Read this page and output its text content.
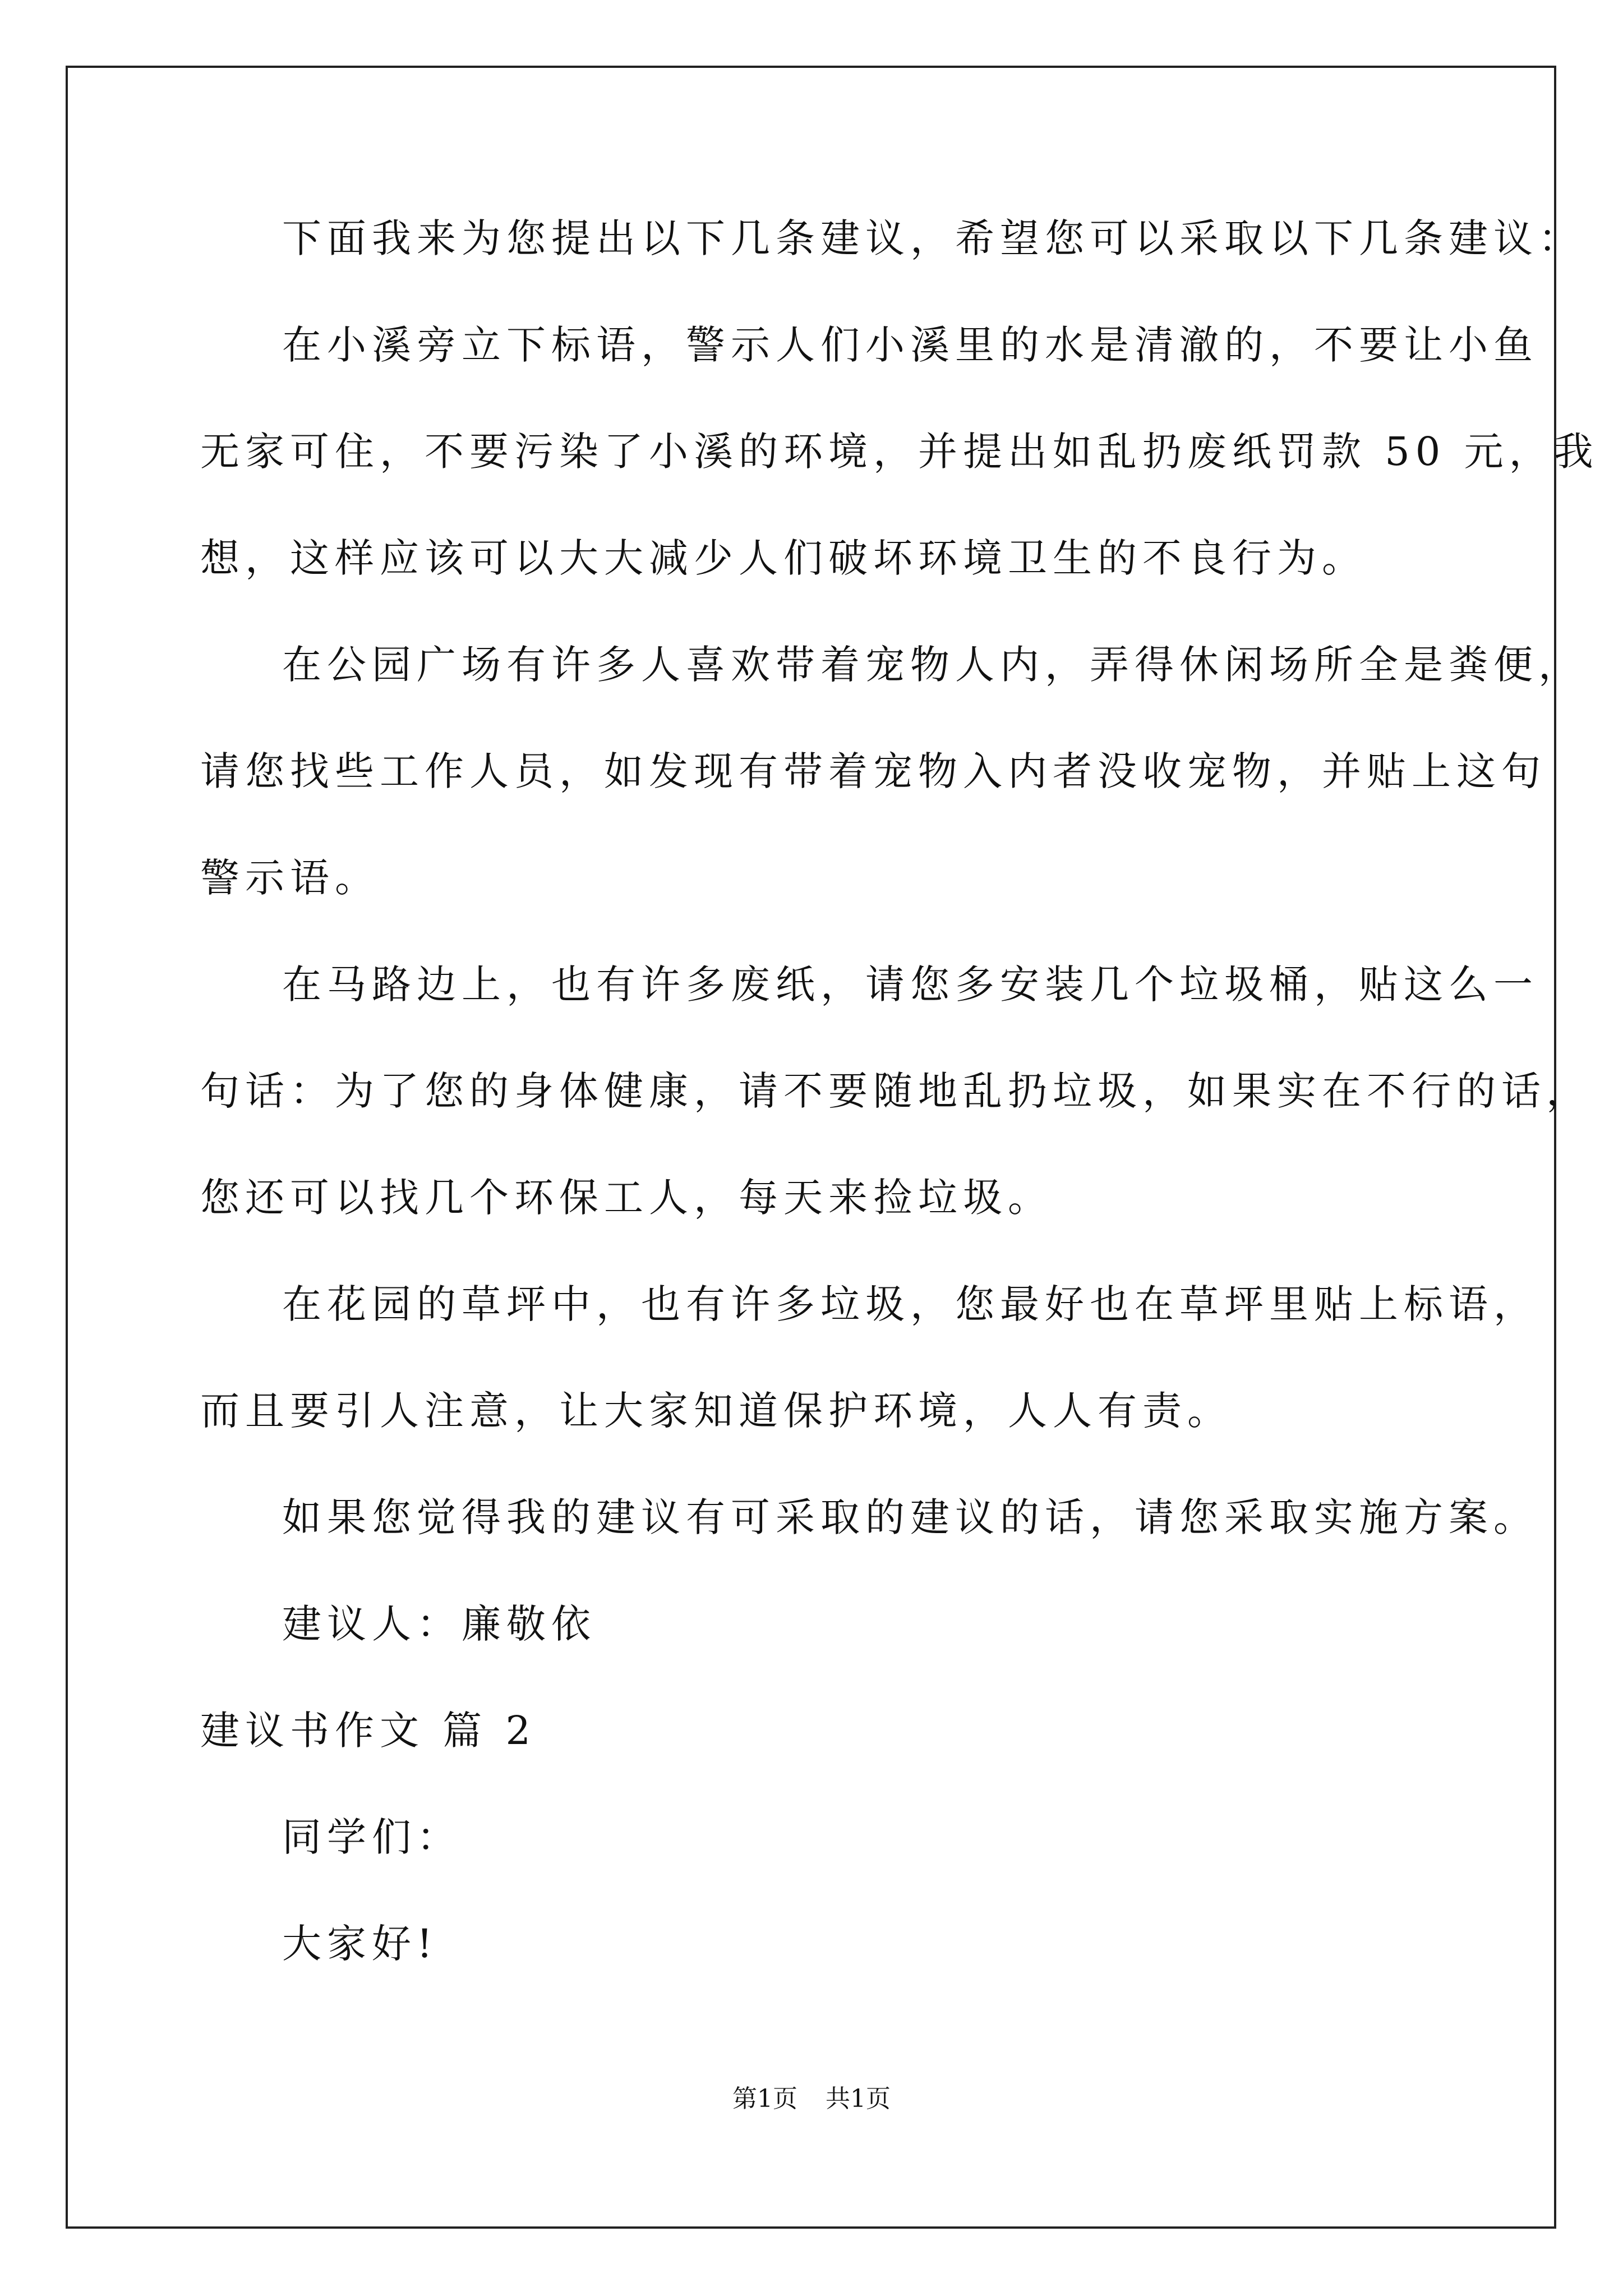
下面我来为您提出以下几条建议，希望您可以采取以下几条建议：
在小溪旁立下标语，警示人们小溪里的水是清澈的，不要让小鱼
无家可住，不要污染了小溪的环境，并提出如乱扔废纸罚款 50 元，我
想，这样应该可以大大减少人们破坏环境卫生的不良行为。
在公园广场有许多人喜欢带着宠物人内，弄得休闲场所全是粪便，
请您找些工作人员，如发现有带着宠物入内者没收宠物，并贴上这句
警示语。
在马路边上，也有许多废纸，请您多安装几个垃圾桶，贴这么一
句话：为了您的身体健康，请不要随地乱扔垃圾，如果实在不行的话，
您还可以找几个环保工人，每天来捡垃圾。
在花园的草坪中，也有许多垃圾，您最好也在草坪里贴上标语，
而且要引人注意，让大家知道保护环境，人人有责。
如果您觉得我的建议有可采取的建议的话，请您采取实施方案。
建议人：廉敬依
建议书作文 篇 2
同学们：
大家好!
第1页 共1页
